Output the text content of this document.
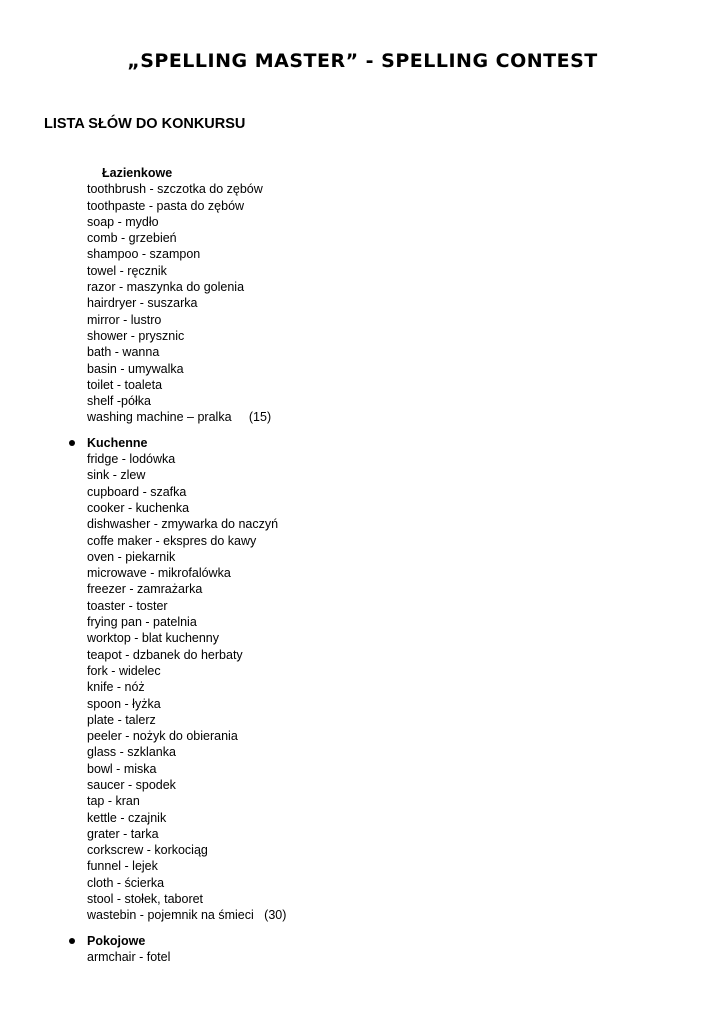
„SPELLING MASTER” - SPELLING CONTEST
LISTA SŁÓW DO KONKURSU
Łazienkowe
toothbrush - szczotka do zębów
toothpaste - pasta do zębów
soap - mydło
comb - grzebień
shampoo - szampon
towel - ręcznik
razor - maszynka do golenia
hairdryer - suszarka
mirror - lustro
shower - prysznic
bath - wanna
basin - umywalka
toilet - toaleta
shelf -półka
washing machine – pralka     (15)
Kuchenne
fridge - lodówka
sink - zlew
cupboard - szafka
cooker - kuchenka
dishwasher - zmywarka do naczyń
coffe maker - ekspres do kawy
oven - piekarnik
microwave - mikrofalówka
freezer - zamrażarka
toaster - toster
frying pan - patelnia
worktop - blat kuchenny
teapot - dzbanek do herbaty
fork - widelec
knife - nóż
spoon - łyżka
plate - talerz
peeler - nożyk do obierania
glass - szklanka
bowl - miska
saucer - spodek
tap - kran
kettle - czajnik
grater - tarka
corkscrew - korkociąg
funnel - lejek
cloth - ścierka
stool - stołek, taboret
wastebin - pojemnik na śmieci   (30)
Pokojowe
armchair - fotel
